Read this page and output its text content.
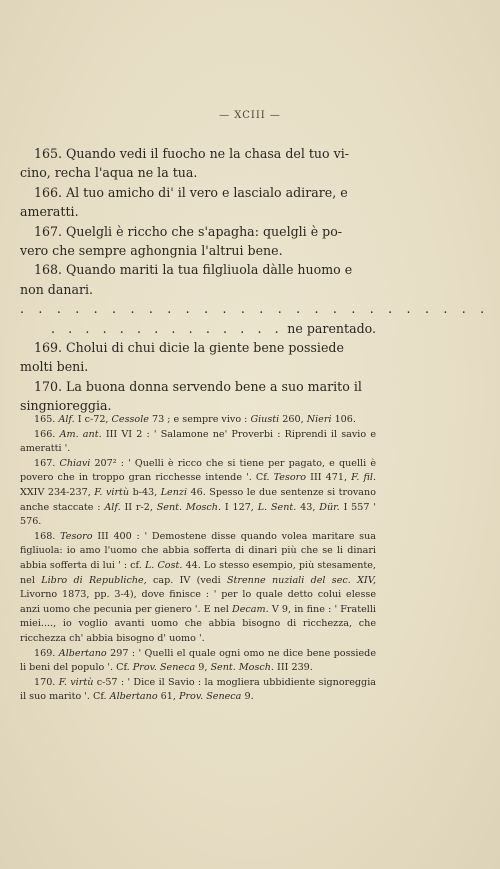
— XCIII —

165. Quando vedi il fuocho ne la chasa del tuo vi-

cino, recha l'aqua ne la tua.

166. Al tuo amicho di' il vero e lascialo adirare, e

ameratti.

167. Quelgli è riccho che s'apagha: quelgli è po-

vero che sempre aghongnia l'altrui bene.

168. Quando mariti la tua filgliuola dàlle huomo e

non danari.

. . . . . . . . . . . . . . . . . . . . . . . . . .

. . . . . . . . . . . . . . ne parentado.

169. Cholui di chui dicie la giente bene possiede

molti beni.

170. La buona donna servendo bene a suo marito il

singnioreggia.

165. Alf. I c-72, Cessole 73 ; e sempre vivo : Giusti 260, Nieri 106.

166. Am. ant. III VI 2 : ' Salamone ne' Proverbi : Riprendi il savio e ameratti '.

167. Chiavi 207² : ' Quelli è ricco che si tiene per pagato, e quelli è povero che in troppo gran ricchesse intende '. Cf. Tesoro III 471, F. fil. XXIV 234-237, F. virtù b-43, Lenzi 46. Spesso le due sentenze si trovano anche staccate : Alf. II r-2, Sent. Mosch. I 127, L. Sent. 43, Dür. I 557 ' 576.

168. Tesoro III 400 : ' Demostene disse quando volea maritare sua figliuola: io amo l'uomo che abbia sofferta di dinari più che se li dinari abbia sofferta di lui ' : cf. L. Cost. 44. Lo stesso esempio, più stesamente, nel Libro di Republiche, cap. IV (vedi Strenne nuziali del sec. XIV, Livorno 1873, pp. 3-4), dove finisce : ' per lo quale detto colui elesse anzi uomo che pecunia per gienero '. E nel Decam. V 9, in fine : ' Fratelli miei...., io voglio avanti uomo che abbia bisogno di ricchezza, che ricchezza ch' abbia bisogno d' uomo '.

169. Albertano 297 : ' Quelli el quale ogni omo ne dice bene possiede li beni del populo '. Cf. Prov. Seneca 9, Sent. Mosch. III 239.

170. F. virtù c-57 : ' Dice il Savio : la mogliera ubbidiente signoreggia il suo marito '. Cf. Albertano 61, Prov. Seneca 9.
